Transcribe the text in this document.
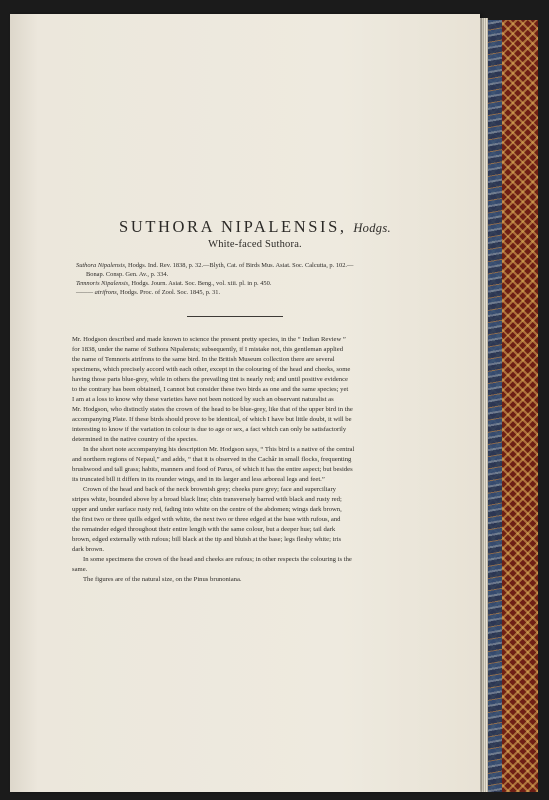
SUTHORA NIPALENSIS, Hodgs.
White-faced Suthora.
Suthora Nipalensis, Hodgs. Ind. Rev. 1838, p. 32.—Blyth, Cat. of Birds Mus. Asiat. Soc. Calcutta, p. 102.—
Bonap. Consp. Gen. Av., p. 334.
Temnoris Nipalensis, Hodgs. Journ. Asiat. Soc. Beng., vol. xiii. pl. in p. 450.
——— atrifrons, Hodgs. Proc. of Zool. Soc. 1845, p. 31.

Mr. Hodgson described and made known to science the present pretty species, in the “ Indian Review ”
for 1838, under the name of Suthora Nipalensis; subsequently, if I mistake not, this gentleman applied
the name of Temnoris atrifrons to the same bird. In the British Museum collection there are several
specimens, which precisely accord with each other, except in the colouring of the head and cheeks, some
having those parts blue-grey, while in others the prevailing tint is nearly red; and until positive evidence
to the contrary has been obtained, I cannot but consider these two birds as one and the same species; yet
I am at a loss to know why these varieties have not been noticed by such an observant naturalist as
Mr. Hodgson, who distinctly states the crown of the head to be blue-grey, like that of the upper bird in the
accompanying Plate. If these birds should prove to be identical, of which I have but little doubt, it will be
interesting to know if the variation in colour is due to age or sex, a fact which can only be satisfactorily
determined in the native country of the species.

In the short note accompanying his description Mr. Hodgson says, “ This bird is a native of the central
and northern regions of Nepaul,” and adds, “ that it is observed in the Cachâr in small flocks, frequenting
brushwood and tall grass; habits, manners and food of Parus, of which it has the entire aspect; but besides
its truncated bill it differs in its rounder wings, and in its larger and less arboreal legs and feet.”

Crown of the head and back of the neck brownish grey; cheeks pure grey; face and superciliary
stripes white, bounded above by a broad black line; chin transversely barred with black and rusty red;
upper and under surface rusty red, fading into white on the centre of the abdomen; wings dark brown,
the first two or three quills edged with white, the next two or three edged at the base with rufous, and
the remainder edged throughout their entire length with the same colour, but a deeper hue; tail dark
brown, edged externally with rufous; bill black at the tip and bluish at the base; legs fleshy white; iris
dark brown.

In some specimens the crown of the head and cheeks are rufous; in other respects the colouring is the
same.

The figures are of the natural size, on the Pinus brunoniana.
